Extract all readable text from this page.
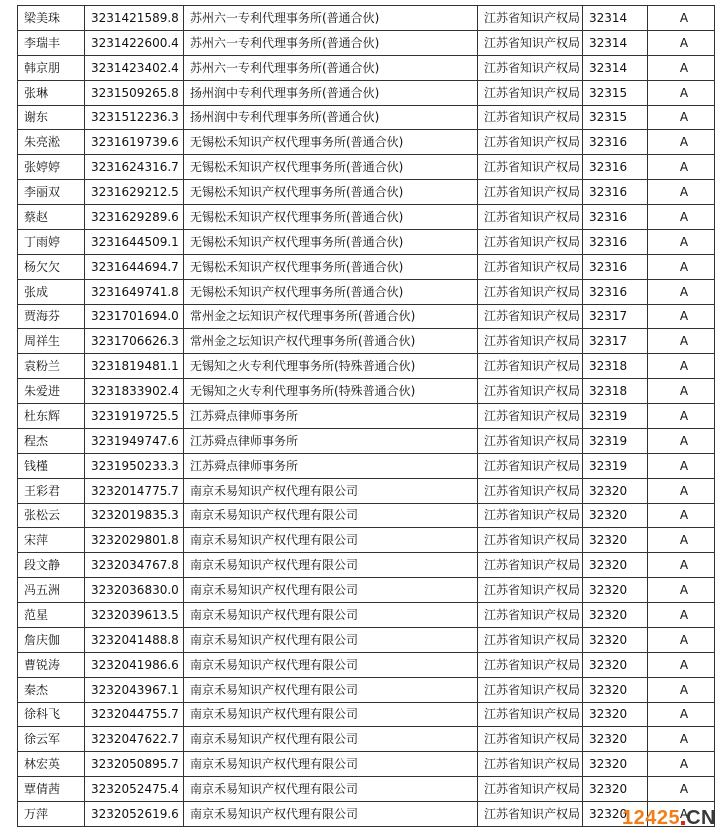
梁美珠	3231421589.8	苏州六一专利代理事务所(普通合伙)	江苏省知识产权局	32314	A
李瑞丰	3231422600.4	苏州六一专利代理事务所(普通合伙)	江苏省知识产权局	32314	A
韩京朋	3231423402.4	苏州六一专利代理事务所(普通合伙)	江苏省知识产权局	32314	A
张琳	3231509265.8	扬州润中专利代理事务所(普通合伙)	江苏省知识产权局	32315	A
谢东	3231512236.3	扬州润中专利代理事务所(普通合伙)	江苏省知识产权局	32315	A
朱亮淞	3231619739.6	无锡松禾知识产权代理事务所(普通合伙)	江苏省知识产权局	32316	A
张婷婷	3231624316.7	无锡松禾知识产权代理事务所(普通合伙)	江苏省知识产权局	32316	A
李丽双	3231629212.5	无锡松禾知识产权代理事务所(普通合伙)	江苏省知识产权局	32316	A
蔡赵	3231629289.6	无锡松禾知识产权代理事务所(普通合伙)	江苏省知识产权局	32316	A
丁雨婷	3231644509.1	无锡松禾知识产权代理事务所(普通合伙)	江苏省知识产权局	32316	A
杨欠欠	3231644694.7	无锡松禾知识产权代理事务所(普通合伙)	江苏省知识产权局	32316	A
张成	3231649741.8	无锡松禾知识产权代理事务所(普通合伙)	江苏省知识产权局	32316	A
贾海芬	3231701694.0	常州金之坛知识产权代理事务所(普通合伙)	江苏省知识产权局	32317	A
周祥生	3231706626.3	常州金之坛知识产权代理事务所(普通合伙)	江苏省知识产权局	32317	A
袁粉兰	3231819481.1	无锡知之火专利代理事务所(特殊普通合伙)	江苏省知识产权局	32318	A
朱爱进	3231833902.4	无锡知之火专利代理事务所(特殊普通合伙)	江苏省知识产权局	32318	A
杜东辉	3231919725.5	江苏舜点律师事务所	江苏省知识产权局	32319	A
程杰	3231949747.6	江苏舜点律师事务所	江苏省知识产权局	32319	A
钱槿	3231950233.3	江苏舜点律师事务所	江苏省知识产权局	32319	A
王彩君	3232014775.7	南京禾易知识产权代理有限公司	江苏省知识产权局	32320	A
张松云	3232019835.3	南京禾易知识产权代理有限公司	江苏省知识产权局	32320	A
宋萍	3232029801.8	南京禾易知识产权代理有限公司	江苏省知识产权局	32320	A
段文静	3232034767.8	南京禾易知识产权代理有限公司	江苏省知识产权局	32320	A
冯五洲	3232036830.0	南京禾易知识产权代理有限公司	江苏省知识产权局	32320	A
范星	3232039613.5	南京禾易知识产权代理有限公司	江苏省知识产权局	32320	A
詹庆伽	3232041488.8	南京禾易知识产权代理有限公司	江苏省知识产权局	32320	A
曹锐涛	3232041986.6	南京禾易知识产权代理有限公司	江苏省知识产权局	32320	A
秦杰	3232043967.1	南京禾易知识产权代理有限公司	江苏省知识产权局	32320	A
徐科飞	3232044755.7	南京禾易知识产权代理有限公司	江苏省知识产权局	32320	A
徐云军	3232047622.7	南京禾易知识产权代理有限公司	江苏省知识产权局	32320	A
林宏英	3232050895.7	南京禾易知识产权代理有限公司	江苏省知识产权局	32320	A
覃倩茜	3232052475.4	南京禾易知识产权代理有限公司	江苏省知识产权局	32320	A
万萍	3232052619.6	南京禾易知识产权代理有限公司	江苏省知识产权局	32320	A
12425 CN
